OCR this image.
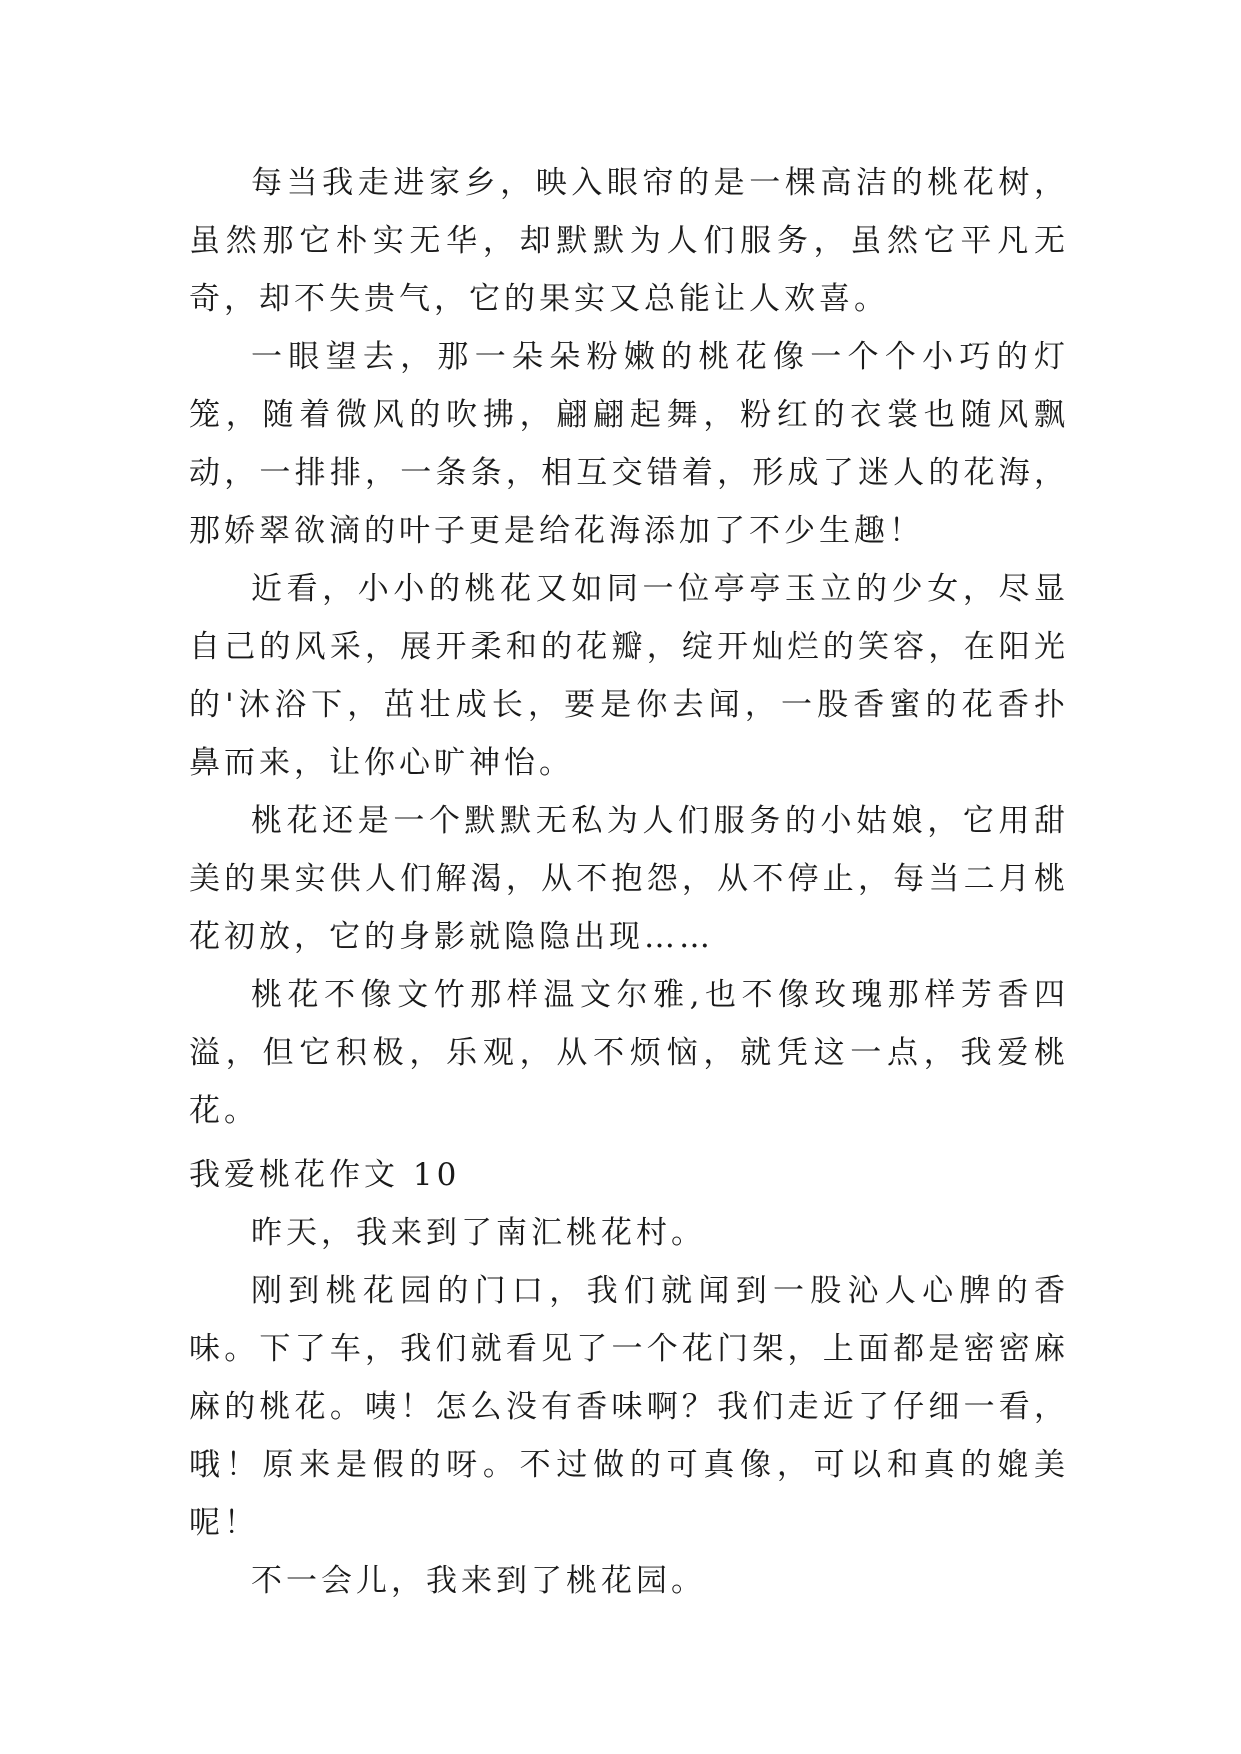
每当我走进家乡，映入眼帘的是一棵高洁的桃花树，虽然那它朴实无华，却默默为人们服务，虽然它平凡无奇，却不失贵气，它的果实又总能让人欢喜。

一眼望去，那一朵朵粉嫩的桃花像一个个小巧的灯笼，随着微风的吹拂，翩翩起舞，粉红的衣裳也随风飘动，一排排，一条条，相互交错着，形成了迷人的花海，那娇翠欲滴的叶子更是给花海添加了不少生趣！

近看，小小的桃花又如同一位亭亭玉立的少女，尽显自己的风采，展开柔和的花瓣，绽开灿烂的笑容，在阳光的'沐浴下，茁壮成长，要是你去闻，一股香蜜的花香扑鼻而来，让你心旷神怡。

桃花还是一个默默无私为人们服务的小姑娘，它用甜美的果实供人们解渴，从不抱怨，从不停止，每当二月桃花初放，它的身影就隐隐出现……

桃花不像文竹那样温文尔雅,也不像玫瑰那样芳香四溢，但它积极，乐观，从不烦恼，就凭这一点，我爱桃花。

我爱桃花作文 10

昨天，我来到了南汇桃花村。

刚到桃花园的门口，我们就闻到一股沁人心脾的香味。下了车，我们就看见了一个花门架，上面都是密密麻麻的桃花。咦！怎么没有香味啊？我们走近了仔细一看，哦！原来是假的呀。不过做的可真像，可以和真的媲美呢！

不一会儿，我来到了桃花园。
